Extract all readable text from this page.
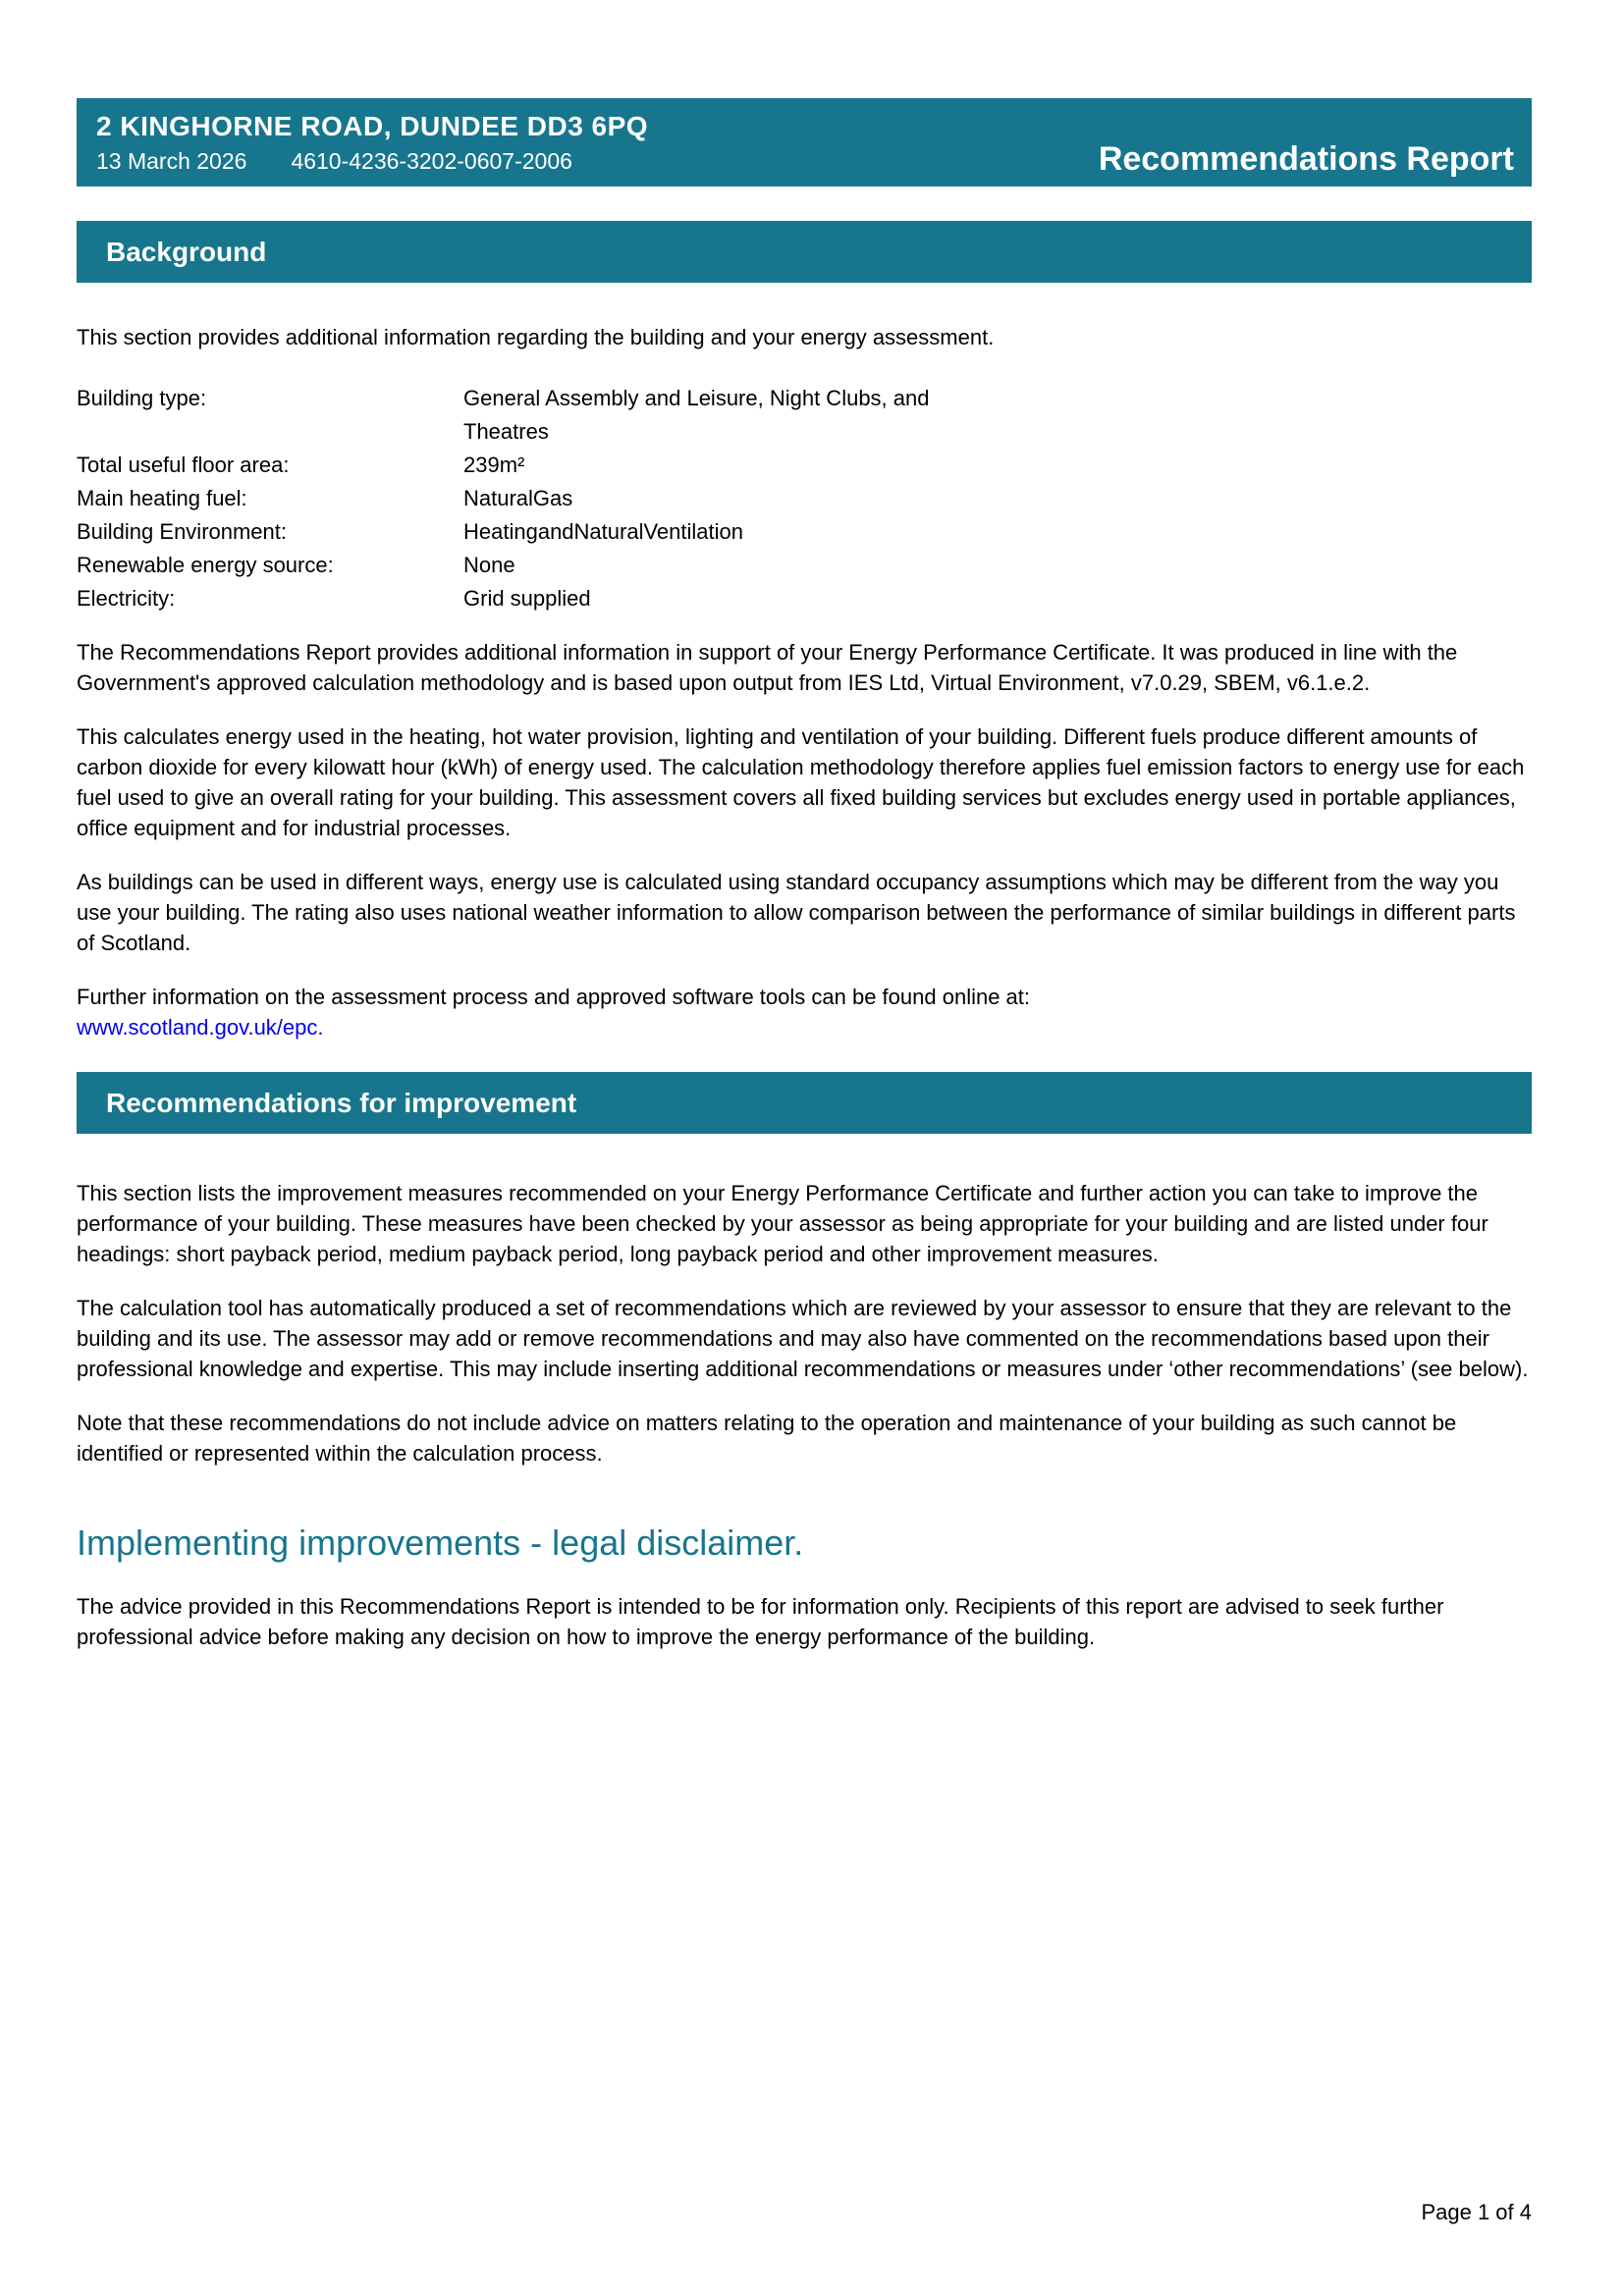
2 KINGHORNE ROAD, DUNDEE DD3 6PQ
13 March 2026 4610-4236-3202-0607-2006	Recommendations Report
Background

This section provides additional information regarding the building and your energy assessment.

Building type:	General Assembly and Leisure, Night Clubs, and Theatres
Total useful floor area:	239m²
Main heating fuel:	NaturalGas
Building Environment:	HeatingandNaturalVentilation
Renewable energy source:	None
Electricity:	Grid supplied

The Recommendations Report provides additional information in support of your Energy Performance Certificate. It was produced in line with the Government's approved calculation methodology and is based upon output from IES Ltd, Virtual Environment, v7.0.29, SBEM, v6.1.e.2.

This calculates energy used in the heating, hot water provision, lighting and ventilation of your building. Different fuels produce different amounts of carbon dioxide for every kilowatt hour (kWh) of energy used. The calculation methodology therefore applies fuel emission factors to energy use for each fuel used to give an overall rating for your building. This assessment covers all fixed building services but excludes energy used in portable appliances, office equipment and for industrial processes.

As buildings can be used in different ways, energy use is calculated using standard occupancy assumptions which may be different from the way you use your building. The rating also uses national weather information to allow comparison between the performance of similar buildings in different parts of Scotland.

Further information on the assessment process and approved software tools can be found online at:
www.scotland.gov.uk/epc.

Recommendations for improvement

This section lists the improvement measures recommended on your Energy Performance Certificate and further action you can take to improve the performance of your building. These measures have been checked by your assessor as being appropriate for your building and are listed under four headings: short payback period, medium payback period, long payback period and other improvement measures.

The calculation tool has automatically produced a set of recommendations which are reviewed by your assessor to ensure that they are relevant to the building and its use. The assessor may add or remove recommendations and may also have commented on the recommendations based upon their professional knowledge and expertise. This may include inserting additional recommendations or measures under ‘other recommendations’ (see below).

Note that these recommendations do not include advice on matters relating to the operation and maintenance of your building as such cannot be identified or represented within the calculation process.

Implementing improvements - legal disclaimer.

The advice provided in this Recommendations Report is intended to be for information only. Recipients of this report are advised to seek further professional advice before making any decision on how to improve the energy performance of the building.

Page 1 of 4
